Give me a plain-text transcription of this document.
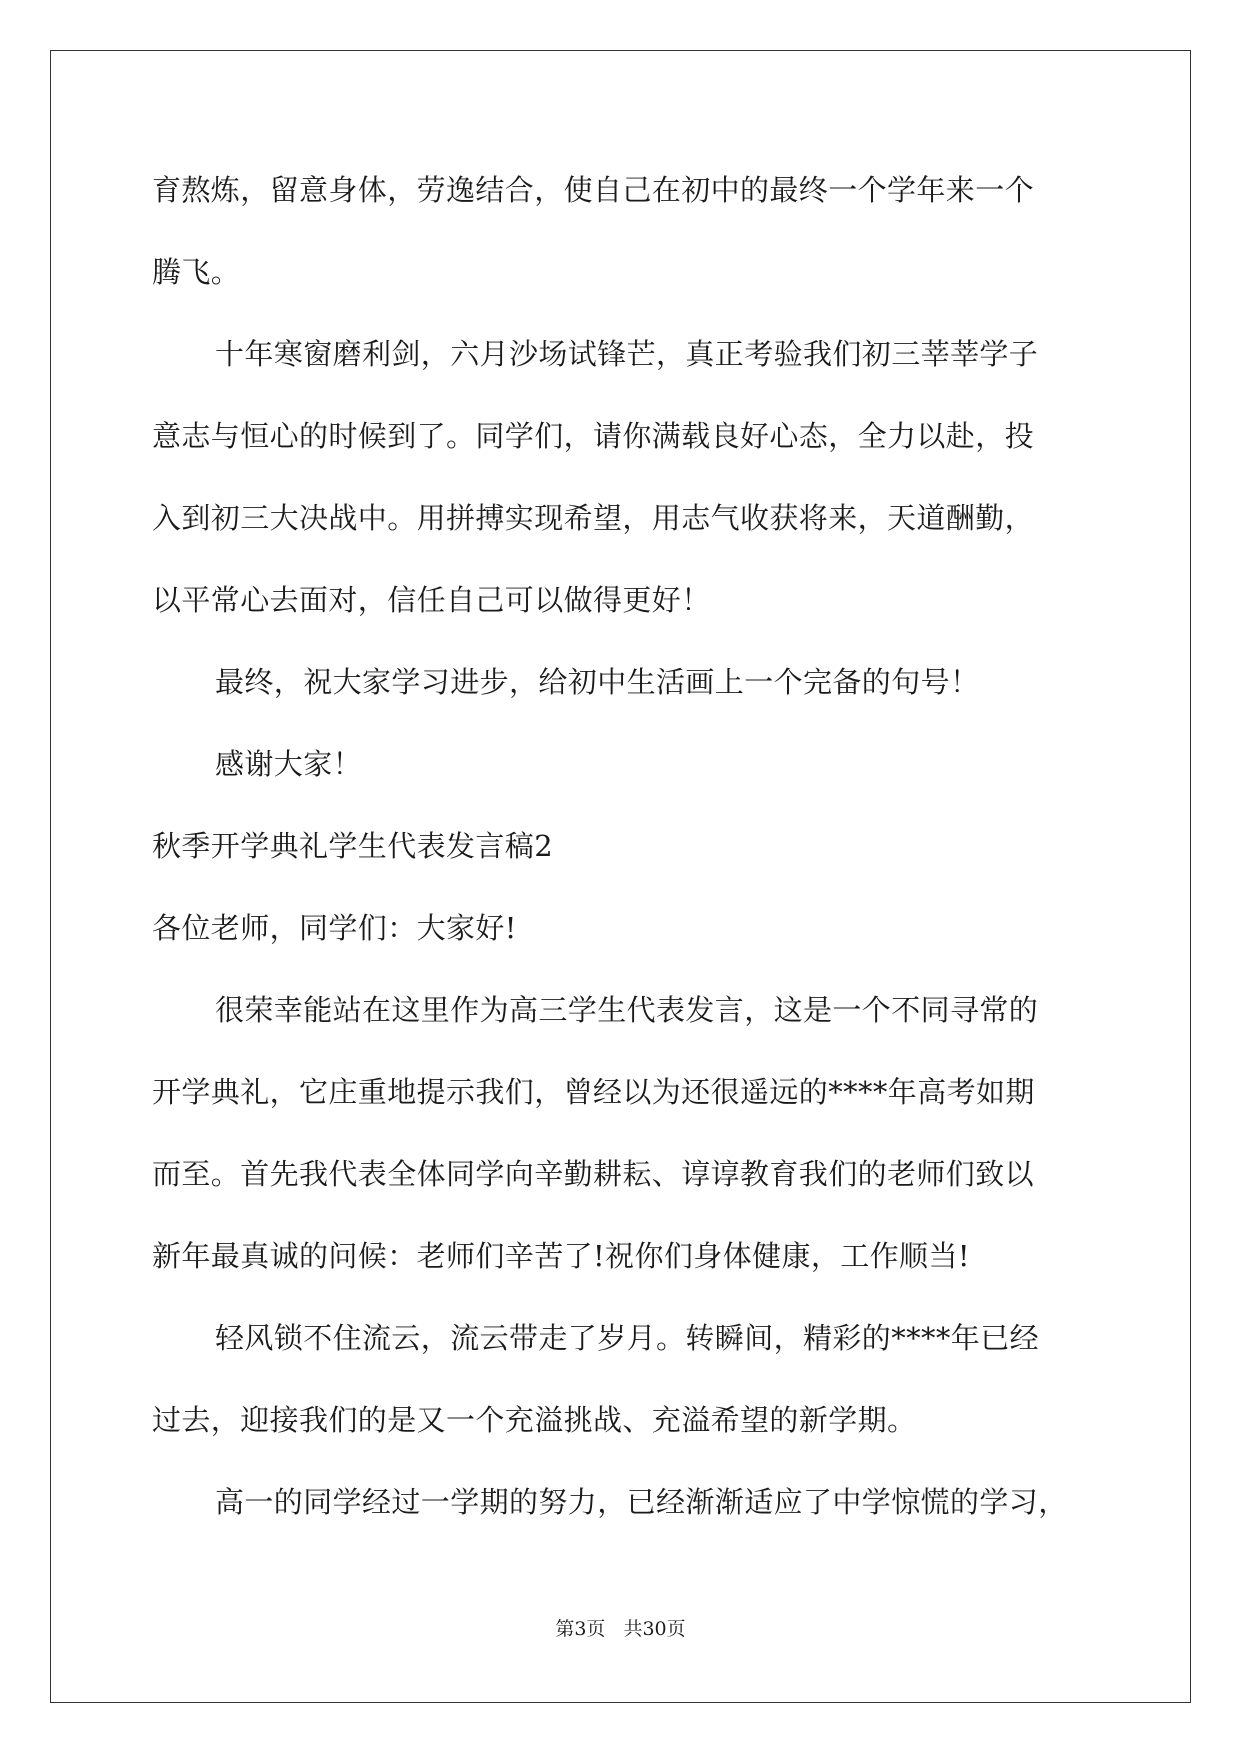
育熬炼，留意身体，劳逸结合，使自己在初中的最终一个学年来一个
腾飞。
十年寒窗磨利剑，六月沙场试锋芒，真正考验我们初三莘莘学子
意志与恒心的时候到了。同学们，请你满载良好心态，全力以赴，投
入到初三大决战中。用拼搏实现希望，用志气收获将来，天道酬勤，
以平常心去面对，信任自己可以做得更好！
最终，祝大家学习进步，给初中生活画上一个完备的句号！
感谢大家！
秋季开学典礼学生代表发言稿2
各位老师，同学们：大家好!
很荣幸能站在这里作为高三学生代表发言，这是一个不同寻常的
开学典礼，它庄重地提示我们，曾经以为还很遥远的****年高考如期
而至。首先我代表全体同学向辛勤耕耘、谆谆教育我们的老师们致以
新年最真诚的问候：老师们辛苦了!祝你们身体健康，工作顺当!
轻风锁不住流云，流云带走了岁月。转瞬间，精彩的****年已经
过去，迎接我们的是又一个充溢挑战、充溢希望的新学期。
高一的同学经过一学期的努力，已经渐渐适应了中学惊慌的学习，
第3页 共30页
